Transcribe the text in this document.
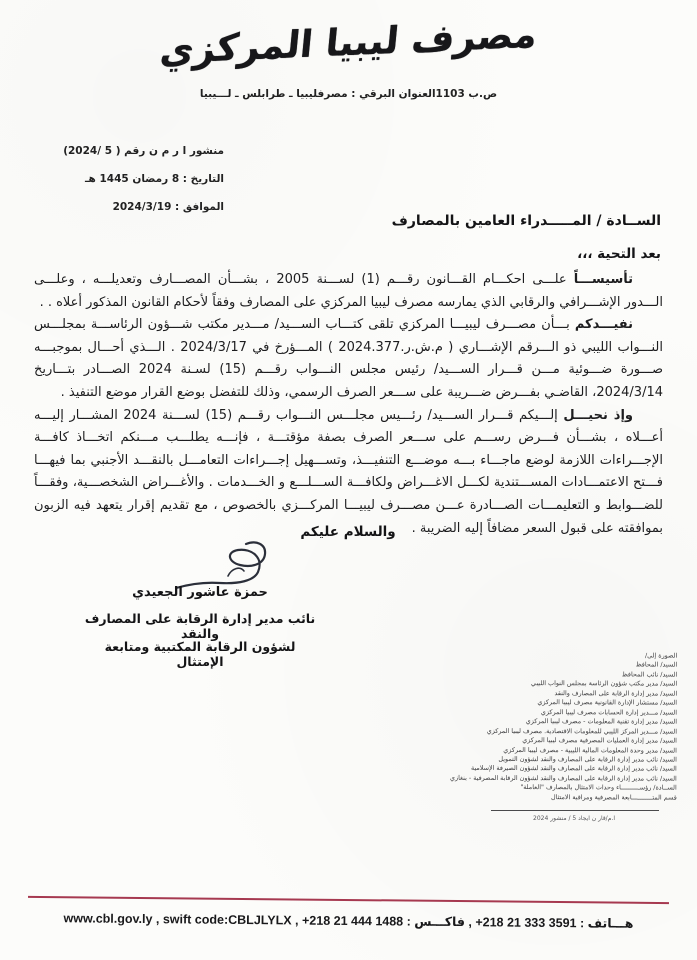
مصرف ليبيا المركزي
ص.ب 1103العنوان البرقي : مصرفليبيا ـ طرابلس ـ لـــيبيا
منشور ا ر م ن رقم ( 5 /2024)
التاريخ : 8 رمضان 1445 هـ
الموافق : 2024/3/19
الســادة / المـــــدراء العامين بالمصارف
بعد التحية ،،،

تأسيســـاً علـــى احكـــام القـــانون رقـــم (1) لســـنة 2005 ، بشـــأن المصـــارف وتعديلـــه ، وعلـــى الـــدور الإشـــرافي والرقابي الذي يمارسه مصرف ليبيا المركزي على المصارف وفقاً لأحكام القانون المذكور أعلاه . .

نفيـــدكم بـــأن مصـــرف ليبيـــا المركزي تلقى كتـــاب الســـيد/ مـــدير مكتب شـــؤون الرئاســـة بمجلـــس النـــواب الليبي ذو الـــرقم الإشـــاري ( م.ش.ر.2024.377 ) المـــؤرخ في 2024/3/17 . الـــذي أحـــال بموجبـــه صـــورة ضـــوئية مـــن قـــرار الســـيد/ رئيس مجلس النـــواب رقـــم (15) لسـنة 2024 الصـــادر بتـــاريخ 2024/3/14، القاضـي بفـــرض ضـــريبة على ســـعر الصرف الرسمي، وذلك للتفضل بوضع القرار موضع التنفيذ .

وإذ نحيـــل إلـــيكم قـــرار الســـيد/ رئـــيس مجلـــس النـــواب رقـــم (15) لســـنة 2024 المشـــار إليـــه أعـــلاه ، بشـــأن فـــرض رســـم على ســـعر الصرف بصفة مؤقتـــة ، فإنـــه يطلـــب مـــنكم اتخـــاذ كافـــة الإجـــراءات اللازمة لوضع ماجـــاء بـــه موضـــع التنفيـــذ، وتســـهيل إجـــراءات التعامـــل بالنقـــد الأجنبي بما فيهـــا فـــتح الاعتمـــادات المســـتندية لكـــل الاغـــراض ولكافـــة الســـلـــع و الخـــدمات . والأغـــراض الشخصـــية، وفقـــاً للضـــوابط و التعليمـــات الصـــادرة عـــن مصـــرف ليبيـــا المركـــزي بالخصوص ، مع تقديم إقرار يتعهد فيه الزبون بموافقته على قبول السعر مضافاً إليه الضريبة .

والسلام عليكم
حمزة عاشور الجعيدي
نائب مدير إدارة الرقابة على المصارف والنقد
لشؤون الرقابة المكتبية ومتابعة الإمتثال	الصورة إلى/
السيد/ المحافظ
السيد/ نائب المحافظ
السيد/ مدير مكتب شؤون الرئاسة بمجلس النواب الليبي
السيد/ مدير إدارة الرقابة على المصارف والنقد
السيد/ مستشار الإدارة القانونية مصرف ليبيا المركزي
السيد/ مـــدير إدارة الحسابات مصرف ليبيا المركزي
السيد/ مدير إدارة تقنية المعلومات - مصرف ليبيا المركزي
السيد/ مـــدير المركز الليبي للمعلومات الاقتصادية. مصرف ليبيا المركزي
السيد/ مدير إدارة العمليات المصرفية مصرف ليبيا المركزي
السيد/ مدير وحدة المعلومات المالية الليبية - مصرف ليبيا المركزي
السيد/ نائب مدير إدارة الرقابة على المصارف والنقد لشؤون التمويل
السيد/ نائب مدير إدارة الرقابة على المصارف والنقد لشؤون الصيرفة الإسلامية
السيد/ نائب مدير إدارة الرقابة على المصارف والنقد لشؤون الرقابة المصرفية - بنغازي
الســادة/ رؤســــــــــاء وحدات الامتثال بالمصارف "العاملة"
قسم المتـــــــــــابعة المصرفية ومراقبة الامتثال
ا.م/قار ن ايجاد 5 / منشور 2024
www.cbl.gov.ly , swift code:CBLJLYLX , +218 21 444 1488 فاكـــس : , +218 21 333 3591 هـــاتف :
